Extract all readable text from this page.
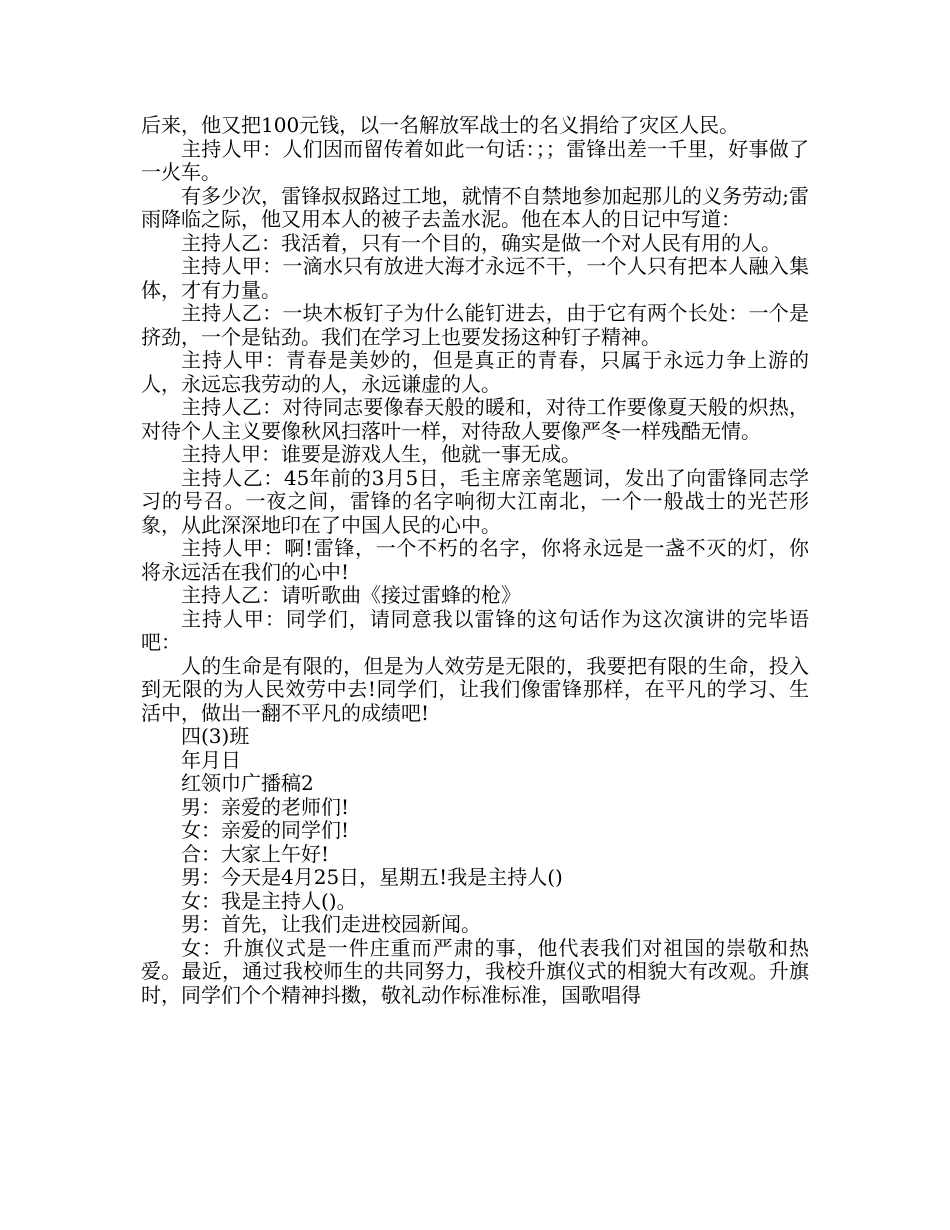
后来，他又把100元钱，以一名解放军战士的名义捐给了灾区人民。

主持人甲：人们因而留传着如此一句话：；；雷锋出差一千里，好事做了一火车。

有多少次，雷锋叔叔路过工地，就情不自禁地参加起那儿的义务劳动;雷雨降临之际，他又用本人的被子去盖水泥。他在本人的日记中写道：

主持人乙：我活着，只有一个目的，确实是做一个对人民有用的人。

主持人甲：一滴水只有放进大海才永远不干，一个人只有把本人融入集体，才有力量。

主持人乙：一块木板钉子为什么能钉进去，由于它有两个长处：一个是挤劲，一个是钻劲。我们在学习上也要发扬这种钉子精神。

主持人甲：青春是美妙的，但是真正的青春，只属于永远力争上游的人，永远忘我劳动的人，永远谦虚的人。

主持人乙：对待同志要像春天般的暖和，对待工作要像夏天般的炽热，对待个人主义要像秋风扫落叶一样，对待敌人要像严冬一样残酷无情。

主持人甲：谁要是游戏人生，他就一事无成。

主持人乙：45年前的3月5日，毛主席亲笔题词，发出了向雷锋同志学习的号召。一夜之间，雷锋的名字响彻大江南北，一个一般战士的光芒形象，从此深深地印在了中国人民的心中。

主持人甲：啊!雷锋，一个不朽的名字，你将永远是一盏不灭的灯，你将永远活在我们的心中!

主持人乙：请听歌曲《接过雷蜂的枪》

主持人甲：同学们，请同意我以雷锋的这句话作为这次演讲的完毕语吧：

人的生命是有限的，但是为人效劳是无限的，我要把有限的生命，投入到无限的为人民效劳中去!同学们，让我们像雷锋那样，在平凡的学习、生活中，做出一翻不平凡的成绩吧!

四(3)班

年月日

红领巾广播稿2

男：亲爱的老师们!

女：亲爱的同学们!

合：大家上午好!

男：今天是4月25日，星期五!我是主持人()

女：我是主持人()。

男：首先，让我们走进校园新闻。

女：升旗仪式是一件庄重而严肃的事，他代表我们对祖国的崇敬和热爱。最近，通过我校师生的共同努力，我校升旗仪式的相貌大有改观。升旗时，同学们个个精神抖擞，敬礼动作标准标准，国歌唱得
